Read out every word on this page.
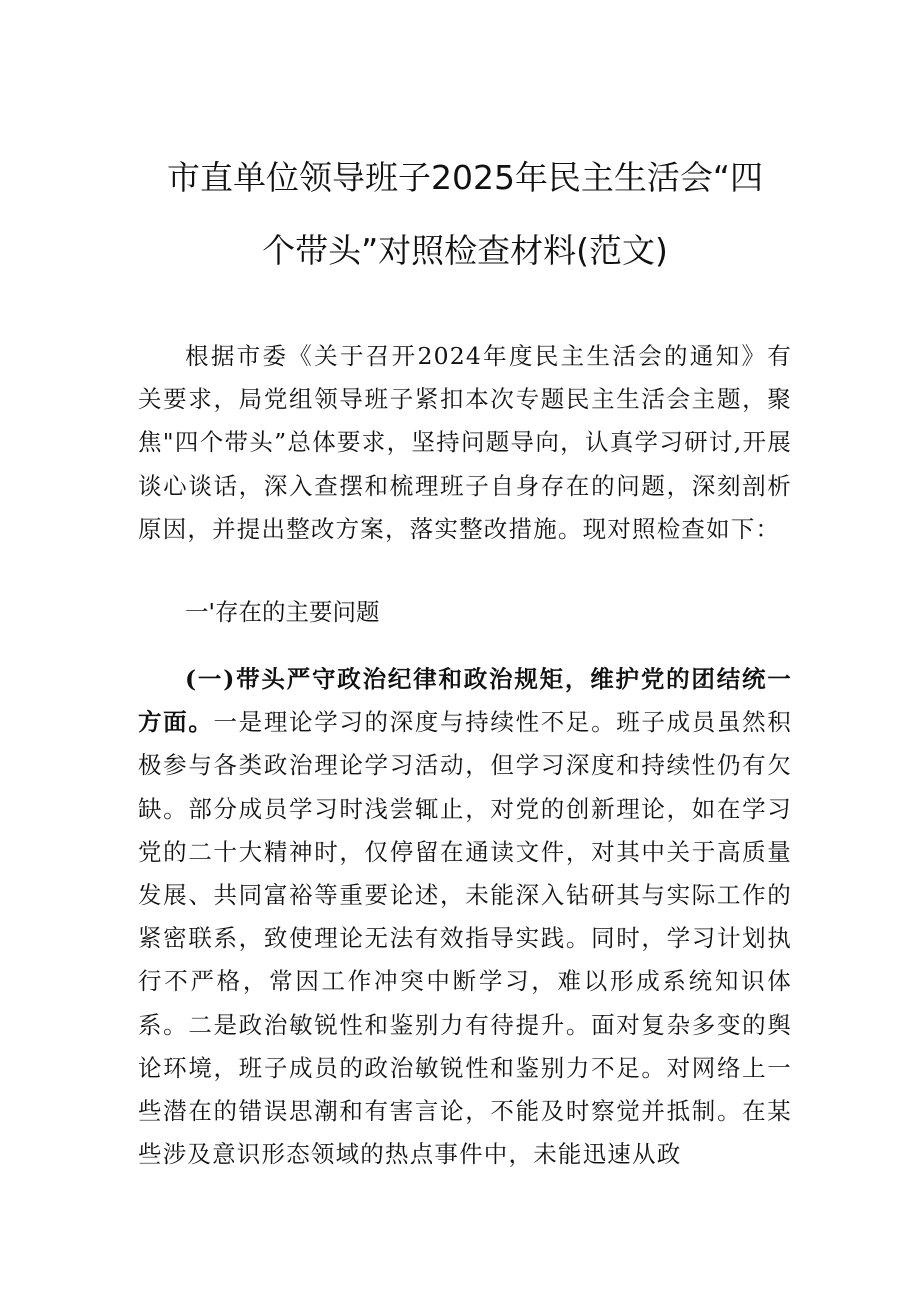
市直单位领导班子2025年民主生活会“四
个带头”对照检查材料(范文)

根据市委《关于召开2024年度民主生活会的通知》有关要求，局党组领导班子紧扣本次专题民主生活会主题，聚焦"四个带头”总体要求，坚持问题导向，认真学习研讨,开展谈心谈话，深入查摆和梳理班子自身存在的问题，深刻剖析原因，并提出整改方案，落实整改措施。现对照检查如下：

一'存在的主要问题

(一)带头严守政治纪律和政治规矩，维护党的团结统一方面。一是理论学习的深度与持续性不足。班子成员虽然积极参与各类政治理论学习活动，但学习深度和持续性仍有欠缺。部分成员学习时浅尝辄止，对党的创新理论，如在学习党的二十大精神时，仅停留在通读文件，对其中关于高质量发展、共同富裕等重要论述，未能深入钻研其与实际工作的紧密联系，致使理论无法有效指导实践。同时，学习计划执行不严格，常因工作冲突中断学习，难以形成系统知识体系。二是政治敏锐性和鉴别力有待提升。面对复杂多变的舆论环境，班子成员的政治敏锐性和鉴别力不足。对网络上一些潜在的错误思潮和有害言论，不能及时察觉并抵制。在某些涉及意识形态领域的热点事件中，未能迅速从政
